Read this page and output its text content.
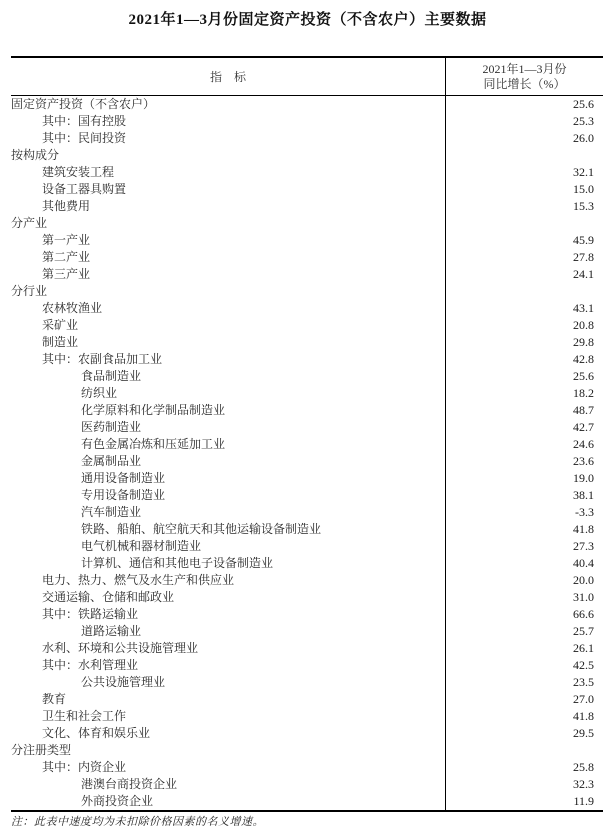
2021年1—3月份固定资产投资（不含农户）主要数据
指　标
2021年1—3月份
同比增长（%）
固定资产投资（不含农户）	25.6
其中：国有控股	25.3
其中：民间投资	26.0
按构成分
建筑安装工程	32.1
设备工器具购置	15.0
其他费用	15.3
分产业
第一产业	45.9
第二产业	27.8
第三产业	24.1
分行业
农林牧渔业	43.1
采矿业	20.8
制造业	29.8
其中：农副食品加工业	42.8
食品制造业	25.6
纺织业	18.2
化学原料和化学制品制造业	48.7
医药制造业	42.7
有色金属冶炼和压延加工业	24.6
金属制品业	23.6
通用设备制造业	19.0
专用设备制造业	38.1
汽车制造业	-3.3
铁路、船舶、航空航天和其他运输设备制造业	41.8
电气机械和器材制造业	27.3
计算机、通信和其他电子设备制造业	40.4
电力、热力、燃气及水生产和供应业	20.0
交通运输、仓储和邮政业	31.0
其中：铁路运输业	66.6
道路运输业	25.7
水利、环境和公共设施管理业	26.1
其中：水利管理业	42.5
公共设施管理业	23.5
教育	27.0
卫生和社会工作	41.8
文化、体育和娱乐业	29.5
分注册类型
其中：内资企业	25.8
港澳台商投资企业	32.3
外商投资企业	11.9
注：此表中速度均为未扣除价格因素的名义增速。
